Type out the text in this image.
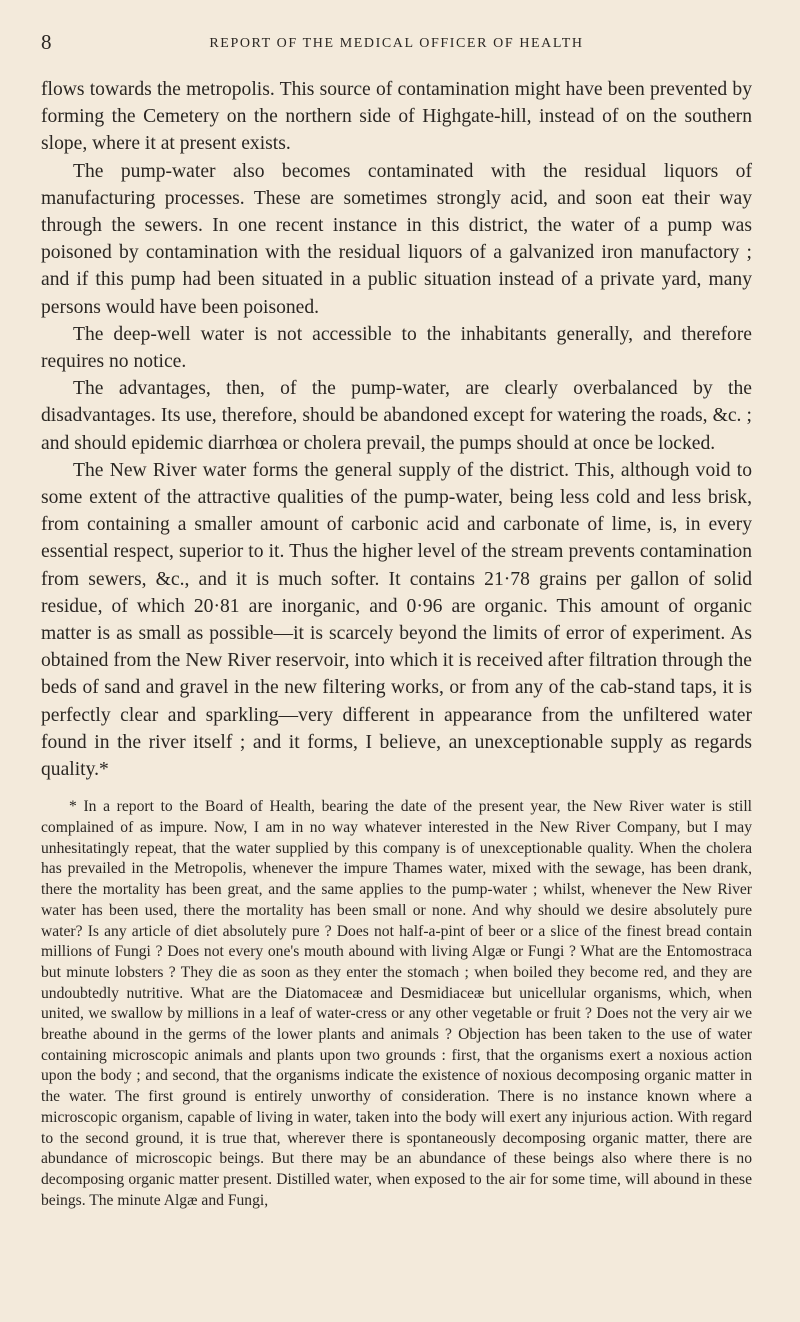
8	REPORT OF THE MEDICAL OFFICER OF HEALTH

flows towards the metropolis. This source of contamination might have been prevented by forming the Cemetery on the northern side of Highgate-hill, instead of on the southern slope, where it at present exists.

The pump-water also becomes contaminated with the residual liquors of manufacturing processes. These are sometimes strongly acid, and soon eat their way through the sewers. In one recent instance in this district, the water of a pump was poisoned by contamination with the residual liquors of a galvanized iron manufactory ; and if this pump had been situated in a public situation instead of a private yard, many persons would have been poisoned.

The deep-well water is not accessible to the inhabitants generally, and therefore requires no notice.

The advantages, then, of the pump-water, are clearly overbalanced by the disadvantages. Its use, therefore, should be abandoned except for watering the roads, &c. ; and should epidemic diarrhœa or cholera prevail, the pumps should at once be locked.

The New River water forms the general supply of the district. This, although void to some extent of the attractive qualities of the pump-water, being less cold and less brisk, from containing a smaller amount of carbonic acid and carbonate of lime, is, in every essential respect, superior to it. Thus the higher level of the stream prevents contamination from sewers, &c., and it is much softer. It contains 21·78 grains per gallon of solid residue, of which 20·81 are inorganic, and 0·96 are organic. This amount of organic matter is as small as possible—it is scarcely beyond the limits of error of experiment. As obtained from the New River reservoir, into which it is received after filtration through the beds of sand and gravel in the new filtering works, or from any of the cab-stand taps, it is perfectly clear and sparkling—very different in appearance from the unfiltered water found in the river itself ; and it forms, I believe, an unexceptionable supply as regards quality.*

* In a report to the Board of Health, bearing the date of the present year, the New River water is still complained of as impure. Now, I am in no way whatever interested in the New River Company, but I may unhesitatingly repeat, that the water supplied by this company is of unexceptionable quality. When the cholera has prevailed in the Metropolis, whenever the impure Thames water, mixed with the sewage, has been drank, there the mortality has been great, and the same applies to the pump-water ; whilst, whenever the New River water has been used, there the mortality has been small or none. And why should we desire absolutely pure water? Is any article of diet absolutely pure ? Does not half-a-pint of beer or a slice of the finest bread contain millions of Fungi ? Does not every one's mouth abound with living Algæ or Fungi ? What are the Entomostraca but minute lobsters ? They die as soon as they enter the stomach ; when boiled they become red, and they are undoubtedly nutritive. What are the Diatomaceæ and Desmidiaceæ but unicellular organisms, which, when united, we swallow by millions in a leaf of water-cress or any other vegetable or fruit ? Does not the very air we breathe abound in the germs of the lower plants and animals ? Objection has been taken to the use of water containing microscopic animals and plants upon two grounds : first, that the organisms exert a noxious action upon the body ; and second, that the organisms indicate the existence of noxious decomposing organic matter in the water. The first ground is entirely unworthy of consideration. There is no instance known where a microscopic organism, capable of living in water, taken into the body will exert any injurious action. With regard to the second ground, it is true that, wherever there is spontaneously decomposing organic matter, there are abundance of microscopic beings. But there may be an abundance of these beings also where there is no decomposing organic matter present. Distilled water, when exposed to the air for some time, will abound in these beings. The minute Algæ and Fungi,
